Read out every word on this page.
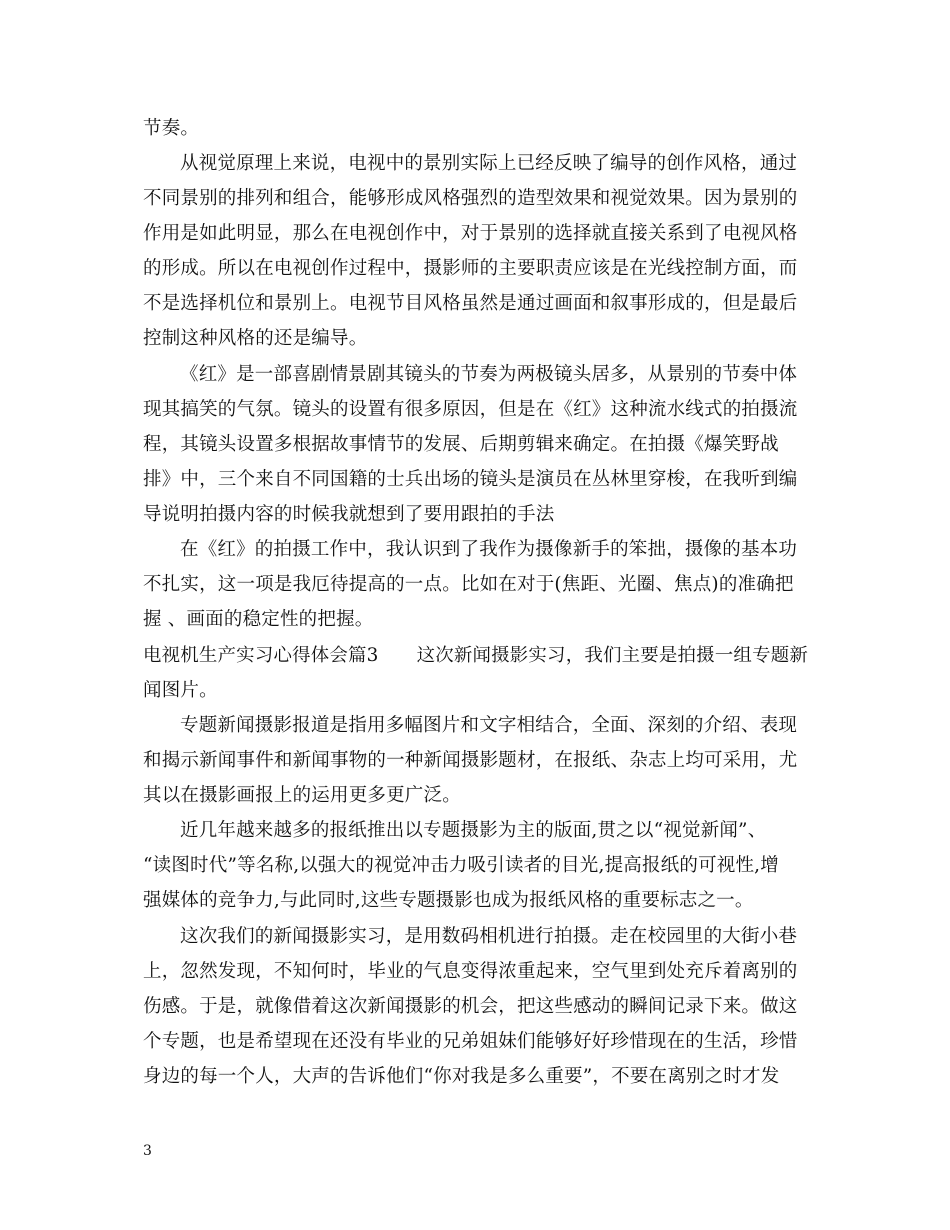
节奏。
从视觉原理上来说，电视中的景别实际上已经反映了编导的创作风格，通过
不同景别的排列和组合，能够形成风格强烈的造型效果和视觉效果。因为景别的
作用是如此明显，那么在电视创作中，对于景别的选择就直接关系到了电视风格
的形成。所以在电视创作过程中，摄影师的主要职责应该是在光线控制方面，而
不是选择机位和景别上。电视节目风格虽然是通过画面和叙事形成的，但是最后
控制这种风格的还是编导。
《红》是一部喜剧情景剧其镜头的节奏为两极镜头居多，从景别的节奏中体
现其搞笑的气氛。镜头的设置有很多原因，但是在《红》这种流水线式的拍摄流
程，其镜头设置多根据故事情节的发展、后期剪辑来确定。在拍摄《爆笑野战
排》中，三个来自不同国籍的士兵出场的镜头是演员在丛林里穿梭，在我听到编
导说明拍摄内容的时候我就想到了要用跟拍的手法
在《红》的拍摄工作中，我认识到了我作为摄像新手的笨拙，摄像的基本功
不扎实，这一项是我厄待提高的一点。比如在对于(焦距、光圈、焦点)的准确把
握 、画面的稳定性的把握。
电视机生产实习心得体会篇3 这次新闻摄影实习，我们主要是拍摄一组专题新
闻图片。
专题新闻摄影报道是指用多幅图片和文字相结合，全面、深刻的介绍、表现
和揭示新闻事件和新闻事物的一种新闻摄影题材，在报纸、杂志上均可采用，尤
其以在摄影画报上的运用更多更广泛。
近几年越来越多的报纸推出以专题摄影为主的版面,贯之以“视觉新闻”、
“读图时代”等名称,以强大的视觉冲击力吸引读者的目光,提高报纸的可视性,增
强媒体的竞争力,与此同时,这些专题摄影也成为报纸风格的重要标志之一。
这次我们的新闻摄影实习，是用数码相机进行拍摄。走在校园里的大街小巷
上，忽然发现，不知何时，毕业的气息变得浓重起来，空气里到处充斥着离别的
伤感。于是，就像借着这次新闻摄影的机会，把这些感动的瞬间记录下来。做这
个专题，也是希望现在还没有毕业的兄弟姐妹们能够好好珍惜现在的生活，珍惜
身边的每一个人，大声的告诉他们“你对我是多么重要”，不要在离别之时才发
3
